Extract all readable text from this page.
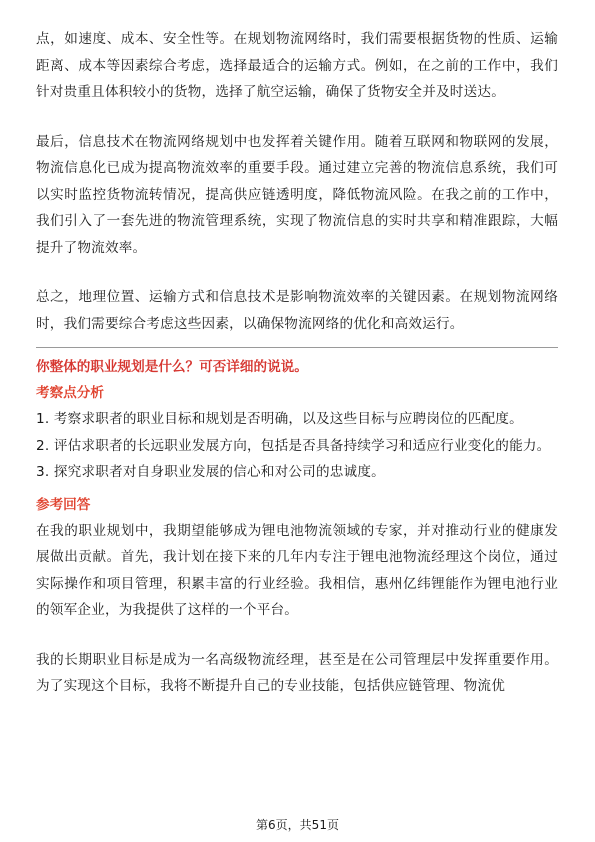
点，如速度、成本、安全性等。在规划物流网络时，我们需要根据货物的性质、运输距离、成本等因素综合考虑，选择最适合的运输方式。例如，在之前的工作中，我们针对贵重且体积较小的货物，选择了航空运输，确保了货物安全并及时送达。

最后，信息技术在物流网络规划中也发挥着关键作用。随着互联网和物联网的发展，物流信息化已成为提高物流效率的重要手段。通过建立完善的物流信息系统，我们可以实时监控货物流转情况，提高供应链透明度，降低物流风险。在我之前的工作中，我们引入了一套先进的物流管理系统，实现了物流信息的实时共享和精准跟踪，大幅提升了物流效率。

总之，地理位置、运输方式和信息技术是影响物流效率的关键因素。在规划物流网络时，我们需要综合考虑这些因素，以确保物流网络的优化和高效运行。

你整体的职业规划是什么？可否详细的说说。

考察点分析

1. 考察求职者的职业目标和规划是否明确，以及这些目标与应聘岗位的匹配度。

2. 评估求职者的长远职业发展方向，包括是否具备持续学习和适应行业变化的能力。

3. 探究求职者对自身职业发展的信心和对公司的忠诚度。

参考回答

在我的职业规划中，我期望能够成为锂电池物流领域的专家，并对推动行业的健康发展做出贡献。首先，我计划在接下来的几年内专注于锂电池物流经理这个岗位，通过实际操作和项目管理，积累丰富的行业经验。我相信，惠州亿纬锂能作为锂电池行业的领军企业，为我提供了这样的一个平台。

我的长期职业目标是成为一名高级物流经理，甚至是在公司管理层中发挥重要作用。为了实现这个目标，我将不断提升自己的专业技能，包括供应链管理、物流优

第6页，共51页
